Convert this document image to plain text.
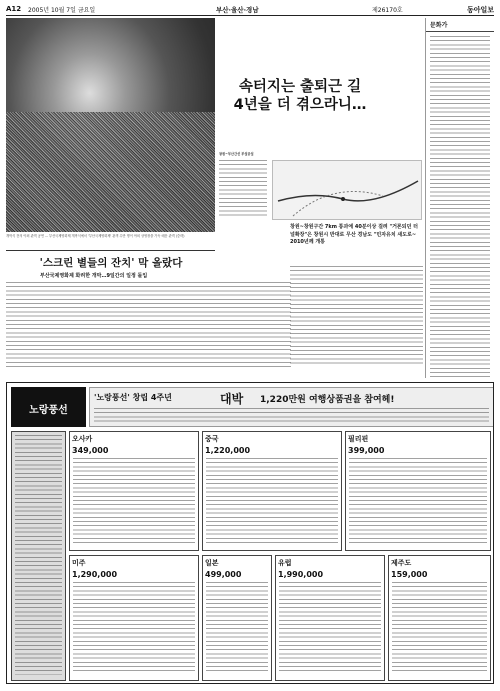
A12 2005년 10월 7일 금요일	부산·울산·경남	제26170호	동아일보
개막식 전의 야외 관객 공연 ... 부산국제영화제 개막식에서 '부산국제영화제' 관객 수만 명이 야외 상영장을 가득 메운 관객 (중략)
속터지는 출퇴근 길
4년을 더 겪으라니…
창원~부산간선 부설공설
창원~창원구간 7km 통과에 40분이상 걸려 "거론되던 터널확장"은 창원시 반대로 무산 경남도 "민자유치 새도로~ 2010년께 개통
'스크린 별들의 잔치' 막 올랐다
부산국제영화제 화려한 개막…9일간의 일정 돌입
문화가
노랑풍선
'노랑풍선' 창립 4주년	대박 1,220만원 여행상품권을 참여헤!
오사카
349,000
중국
1,220,000
필리핀
399,000
미주
1,290,000
일본
499,000
유럽
1,990,000
제주도
159,000
